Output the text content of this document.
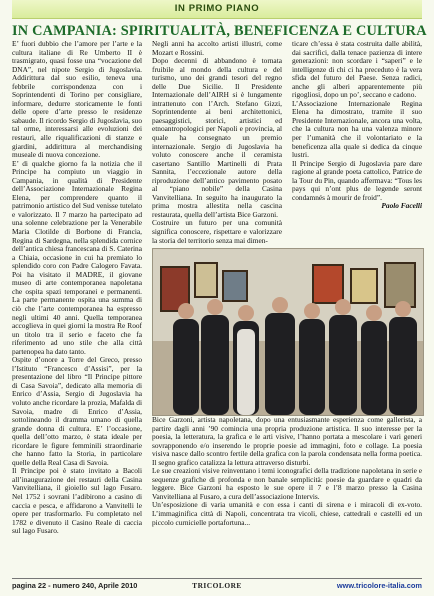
IN PRIMO PIANO
IN CAMPANIA: SPIRITUALITÀ, BENEFICENZA E CULTURA

E’ fuori dubbio che l’amore per l’arte e la cultura italiane di Re Umberto II è trasmigrato, quasi fosse una “vocazione del DNA”, nel nipote Sergio di Jugoslavia. Addirittura dal suo esilio, teneva una febbrile corrispondenza con i Soprintendenti di Torino per consigliare, informare, dedurre storicamente le fonti delle opere d’arte presso le residenze sabaude. Il ricordo Sergio di Jugoslavia, suo tal orme, interessarsi alle evoluzioni dei restauri, alle riqualificazioni di stanze e giardini, addirittura al merchandising museale di nuova concezione.

E’ di qualche giorno fa la notizia che il Principe ha compiuto un viaggio in Campania, in qualità di Presidente dell’Associazione Internazionale Regina Elena, per comprendere quanto il patrimonio artistico del Sud venisse tutelato e valorizzato. Il 7 marzo ha partecipato ad una solenne celebrazione per la Venerabile Maria Clotilde di Borbone di Francia, Regina di Sardegna, nella splendida cornice dell’antica chiesa francescana di S. Caterina a Chiaia, occasione in cui ha premiato lo splendido coro con Padre Calogero Favata. Poi ha visitato il MADRE, il giovane museo di arte contemporanea napoletana che ospita spazi temporanei e permanenti. La parte permanente ospita una summa di ciò che l’arte contemporanea ha espresso negli ultimi 40 anni. Quella temporanea accoglieva in quei giorni la mostra Re Roof un titolo tra il serio e faceto che fa riferimento ad uno stile che alla città partenopea ha dato tanto.

Ospite d’onore a Torre del Greco, presso l’Istituto “Francesco d’Assisi”, per la presentazione del libro “Il Principe pittore di Casa Savoia”, dedicato alla memoria di Enrico d’Assia, Sergio di Jugoslavia ha voluto anche ricordare la prozia, Mafalda di Savoia, madre di Enrico d’Assia, sottolineando il dramma umano di quella grande donna di cultura. E’ l’occasione, quella dell’otto marzo, è stata ideale per ricordare le figure femminili straordinarie che hanno fatto la Storia, in particolare quelle della Real Casa di Savoia.

Il Principe poi è stato invitato a Bacoli all’inaugurazione dei restauri della Casina Vanvitelliana, il gioiello sul lago Fusaro. Nel 1752 i sovrani l’adibirono a casino di caccia e pesca, e affidarono a Vanvitelli le opere per trasformarlo. Fu completato nel 1782 e divenuto il Casino Reale di caccia sul lago Fusaro.

Negli anni ha accolto artisti illustri, come Mozart e Rossini.

Dopo decenni di abbandono è tornata fruibile al mondo della cultura e del turismo, uno dei grandi tesori del regno delle Due Sicilie. Il Presidente Internazionale dell’AIRH si è lungamente intrattenuto con l’Arch. Stefano Gizzi, Soprintendente ai beni architettonici, paesaggistici, storici, artistici ed etnoantropologici per Napoli e provincia, al quale ha consegnato un premio internazionale. Sergio di Jugoslavia ha voluto conoscere anche il ceramista casertano Santillo Martinelli di Prata Sannita, l’eccezionale autore della riproduzione dell’antico pavimento posato al “piano nobile” della Casina Vanvitelliana. In seguito ha inaugurato la prima mostra allestita nella cascina restaurata, quella dell’artista Bice Garzoni.

Costruire un futuro per una comunità significa conoscere, rispettare e valorizzare la storia del territorio senza mai dimen-

ticare ch’essa è stata costruita dalle abilità, dai sacrifici, dalla tenace pazienza di intere generazioni: non scordare i “saperi” e le intelligenze di chi ci ha preceduto è la vera sfida del futuro del Paese. Senza radici, anche gli alberi apparentemente più rigogliosi, dopo un po’, seccano e cadono.

L’Associazione Internazionale Regina Elena ha dimostrato, tramite il suo Presidente Internazionale, ancora una volta, che la cultura non ha una valenza minore per l’umanità che il volontariato e la beneficenza alla quale si dedica da cinque lustri.

Il Principe Sergio di Jugoslavia pare dare ragione al grande poeta cattolico, Patrice de la Tour du Pin, quando affermava: “Tous les pays qui n’ont plus de legende seront condamnés à mourir de froid”.

Paolo Facelli

Bice Garzoni, artista napoletana, dopo una entusiasmante esperienza come gallerista, a partire dagli anni ’90 comincia una propria produzione artistica. Il suo interesse per la poesia, la letteratura, la grafica e le arti visive, l’hanno portata a mescolare i vari generi sovrapponendo e/o inserendo le proprie poesie ad immagini, foto e collage. La poesia visiva nasce dallo scontro fertile della grafica con la parola condensata nella forma poetica. Il segno grafico catalizza la lettura attraverso disturbi.

Le sue creazioni visive reinventano i temi iconografici della tradizione napoletana in serie e sequenze grafiche di profonda e non banale semplicità: poesie da guardare e quadri da leggere. Bice Garzoni ha esposto le sue opere il 7 e l’8 marzo presso la Casina Vanvitelliana al Fusaro, a cura dell’associazione Intervis.

Un’esposizione di varia umanità e con essa i canti di sirena e i miracoli di ex-voto. L’immaginifica città di Napoli, concentrata tra vicoli, chiese, cattedrali e castelli ed un piccolo curnicielle portafortuna...

pagina 22 - numero 240, Aprile 2010	TRICOLORE	www.tricolore-italia.com
